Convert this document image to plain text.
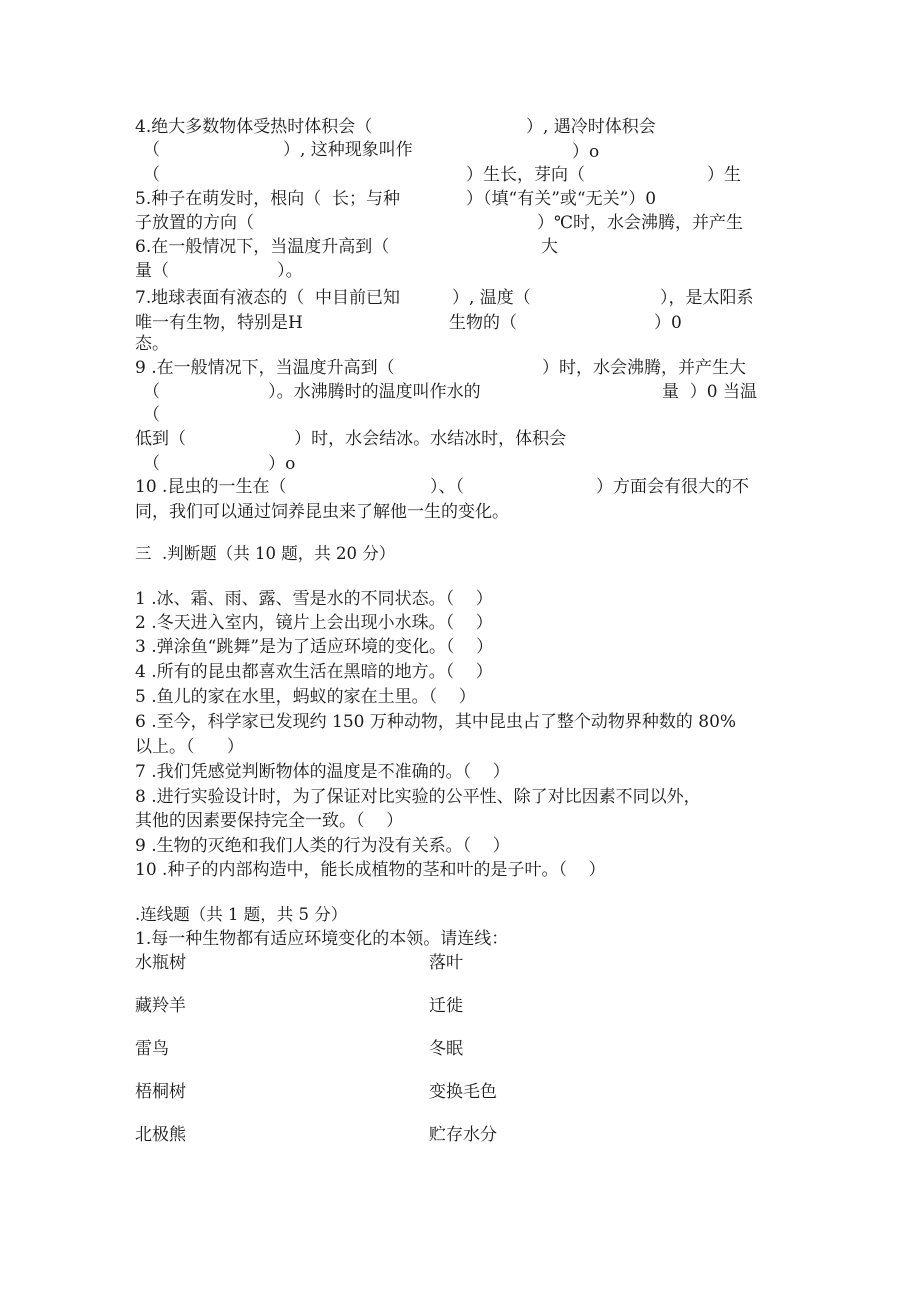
4.绝大多数物体受热时体积会（	）, 遇冷时体积会
（	）, 这种现象叫作	）o
（	）生长，芽向（	）生
5.种子在萌发时，根向（  长；与种	）（填“有关”或“无关”）0
子放置的方向（	）℃时，水会沸腾，并产生
6.在一般情况下，当温度升高到（	大
量（                    ）。
7.地球表面有液态的（  中目前已知	）, 温度（	），是太阳系
唯一有生物，特别是H	生物的（	）0
态。
9 .在一般情况下，当温度升高到（	）时，水会沸腾，并产生大
（                    ）。水沸腾时的温度叫作水的	量  ）0 当温
（
低到（                    ）时，水会结冰。水结冰时，体积会
（                    ）o
10 .昆虫的一生在（	）、（	）方面会有很大的不
同，我们可以通过饲养昆虫来了解他一生的变化。
三  .判断题（共 10 题，共 20 分）
1 .冰、霜、雨、露、雪是水的不同状态。（    ）
2 .冬天进入室内，镜片上会出现小水珠。（    ）
3 .弹涂鱼“跳舞”是为了适应环境的变化。（    ）
4 .所有的昆虫都喜欢生活在黑暗的地方。（    ）
5 .鱼儿的家在水里，蚂蚁的家在土里。（    ）
6 .至今，科学家已发现约 150 万种动物，其中昆虫占了整个动物界种数的 80%
以上。（      ）
7 .我们凭感觉判断物体的温度是不准确的。（    ）
8 .进行实验设计时，为了保证对比实验的公平性、除了对比因素不同以外，
其他的因素要保持完全一致。（    ）
9 .生物的灭绝和我们人类的行为没有关系。（    ）
10 .种子的内部构造中，能长成植物的茎和叶的是子叶。（    ）
.连线题（共 1 题，共 5 分）
1.每一种生物都有适应环境变化的本领。请连线：
水瓶树	落叶
藏羚羊	迁徙
雷鸟	冬眠
梧桐树	变换毛色
北极熊	贮存水分
